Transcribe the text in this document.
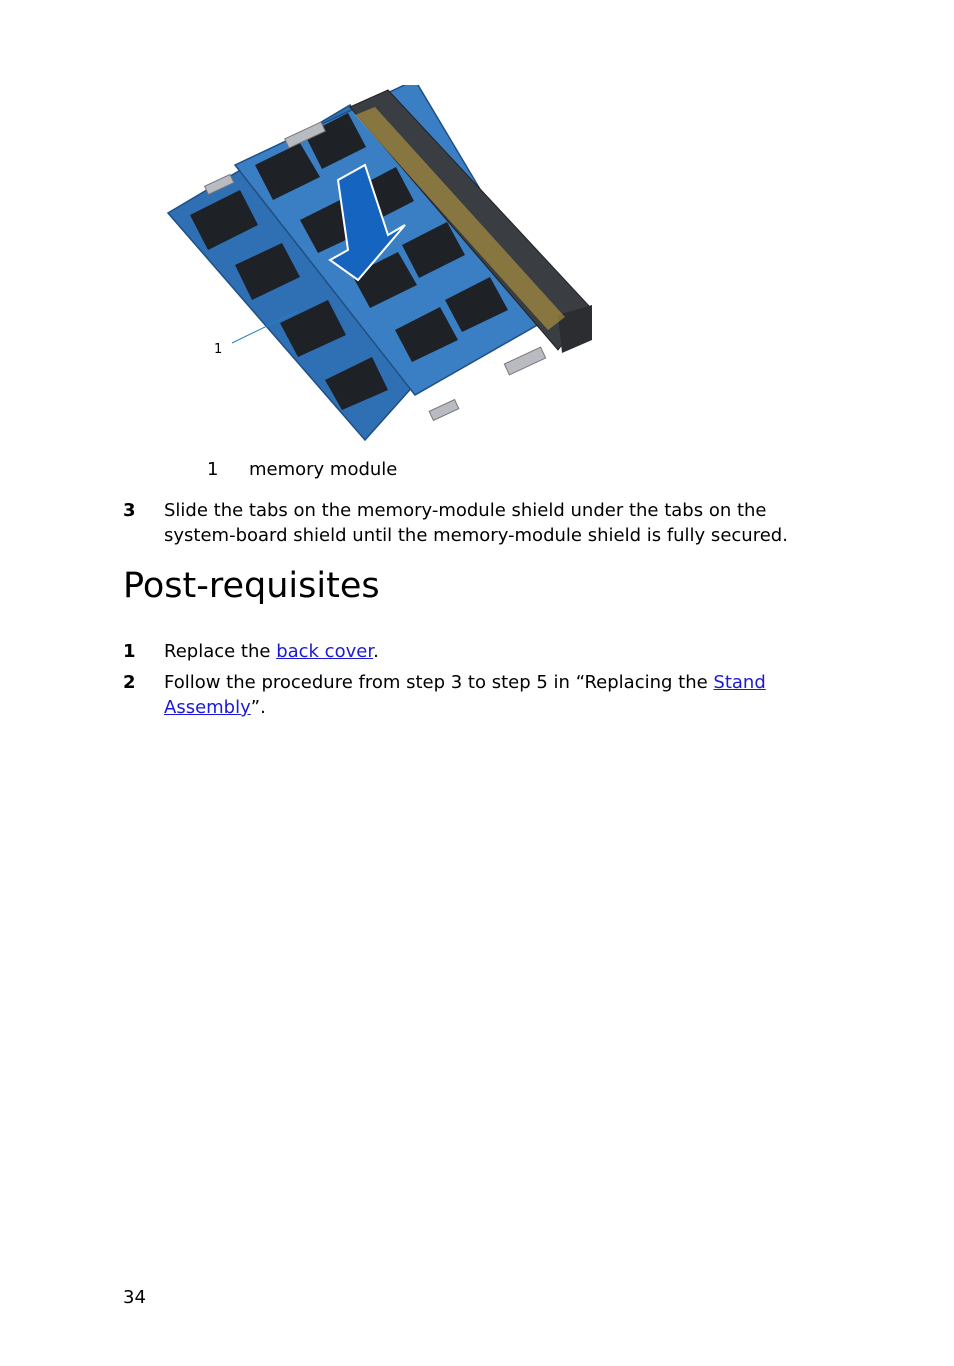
1
1 memory module
3 Slide the tabs on the memory-module shield under the tabs on the system-board shield until the memory-module shield is fully secured.
Post-requisites
1 Replace the back cover.
2 Follow the procedure from step 3 to step 5 in “Replacing the Stand Assembly”.
34
